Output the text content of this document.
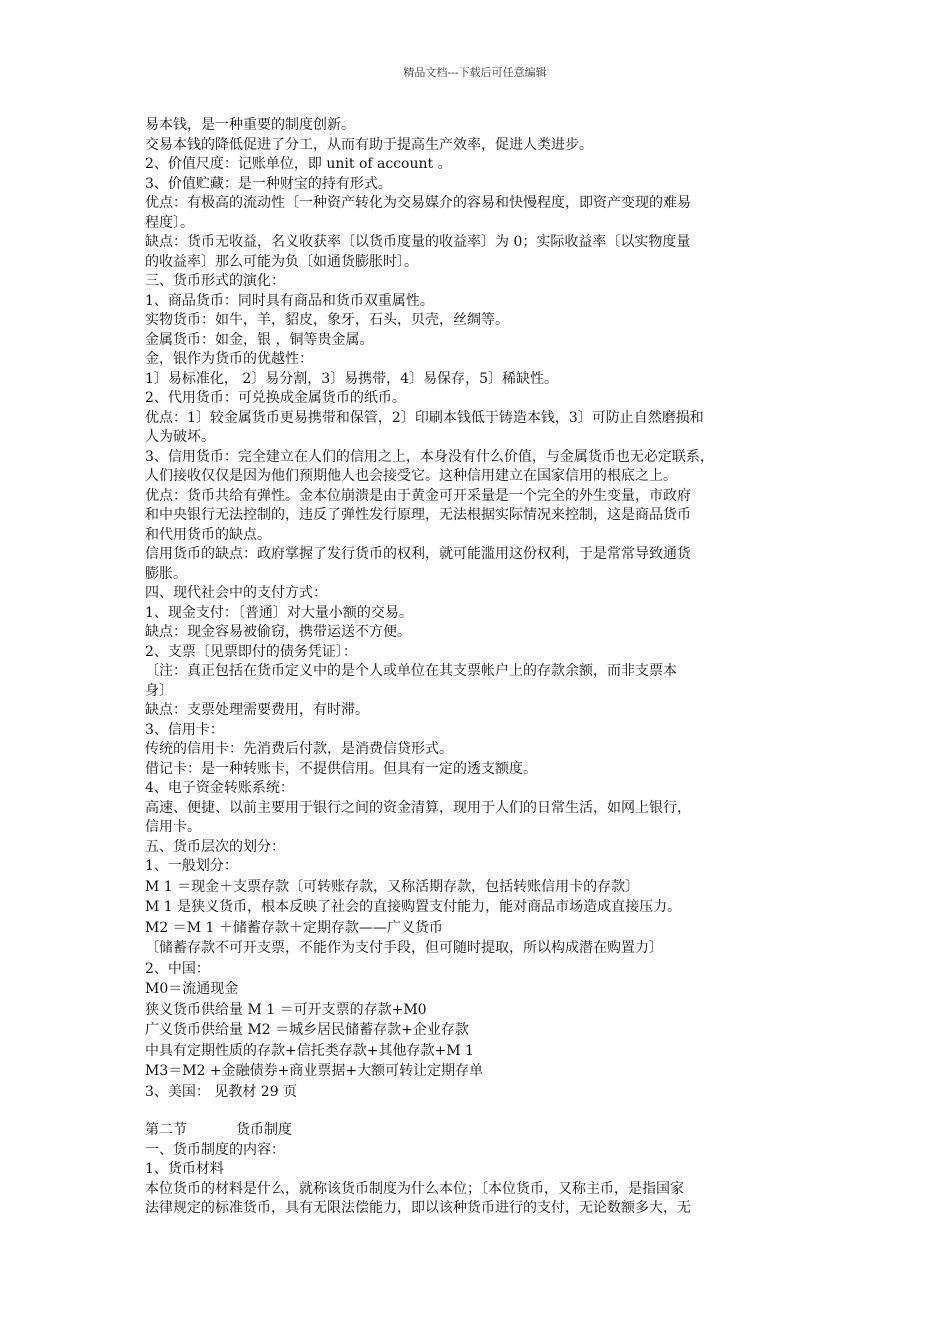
精品文档---下载后可任意编辑
易本钱，是一种重要的制度创新。
交易本钱的降低促进了分工，从而有助于提高生产效率，促进人类进步。
2、价值尺度：记账单位，即 unit of account 。
3、价值贮藏：是一种财宝的持有形式。
优点：有极高的流动性〔一种资产转化为交易媒介的容易和快慢程度，即资产变现的难易
程度〕。
缺点：货币无收益，名义收获率〔以货币度量的收益率〕为 0；实际收益率〔以实物度量
的收益率〕那么可能为负〔如通货膨胀时〕。
三、货币形式的演化：
1、商品货币：同时具有商品和货币双重属性。
实物货币：如牛，羊，貂皮，象牙，石头，贝壳，丝绸等。
金属货币：如金，银 ，铜等贵金属。
金，银作为货币的优越性：
1〕易标准化， 2〕易分割，3〕易携带，4〕易保存，5〕稀缺性。
2、代用货币：可兑换成金属货币的纸币。
优点：1〕较金属货币更易携带和保管，2〕印刷本钱低于铸造本钱，3〕可防止自然磨损和
人为破坏。
3、信用货币：完全建立在人们的信用之上，本身没有什么价值，与金属货币也无必定联系，
人们接收仅仅是因为他们预期他人也会接受它。这种信用建立在国家信用的根底之上。
优点：货币共给有弹性。金本位崩溃是由于黄金可开采量是一个完全的外生变量，市政府
和中央银行无法控制的，违反了弹性发行原理，无法根据实际情况来控制，这是商品货币
和代用货币的缺点。
信用货币的缺点：政府掌握了发行货币的权利，就可能滥用这份权利，于是常常导致通货
膨胀。
四、现代社会中的支付方式：
1、现金支付：〔普通〕对大量小额的交易。
缺点：现金容易被偷窃，携带运送不方便。
2、支票〔见票即付的债务凭证〕：
〔注：真正包括在货币定义中的是个人或单位在其支票帐户上的存款余额，而非支票本
身〕
缺点：支票处理需要费用，有时滞。
3、信用卡：
传统的信用卡：先消费后付款，是消费信贷形式。
借记卡：是一种转账卡，不提供信用。但具有一定的透支额度。
4、电子资金转账系统：
高速、便捷、以前主要用于银行之间的资金清算，现用于人们的日常生活，如网上银行，
信用卡。
五、货币层次的划分：
1、一般划分：
M 1 ＝现金＋支票存款〔可转账存款，又称活期存款，包括转账信用卡的存款〕
M 1 是狭义货币，根本反映了社会的直接购置支付能力，能对商品市场造成直接压力。
M2 ＝M 1 ＋储蓄存款＋定期存款——广义货币
〔储蓄存款不可开支票，不能作为支付手段，但可随时提取，所以构成潜在购置力〕
2、中国：
M0＝流通现金
狭义货币供给量 M 1 ＝可开支票的存款+M0
广义货币供给量 M2 ＝城乡居民储蓄存款+企业存款
中具有定期性质的存款+信托类存款+其他存款+M 1
M3＝M2 +金融债券+商业票据+大额可转让定期存单
3、美国： 见教材 29 页
第二节           货币制度
一、货币制度的内容：
1、货币材料
本位货币的材料是什么，就称该货币制度为什么本位；〔本位货币，又称主币，是指国家
法律规定的标准货币，具有无限法偿能力，即以该种货币进行的支付，无论数额多大，无
